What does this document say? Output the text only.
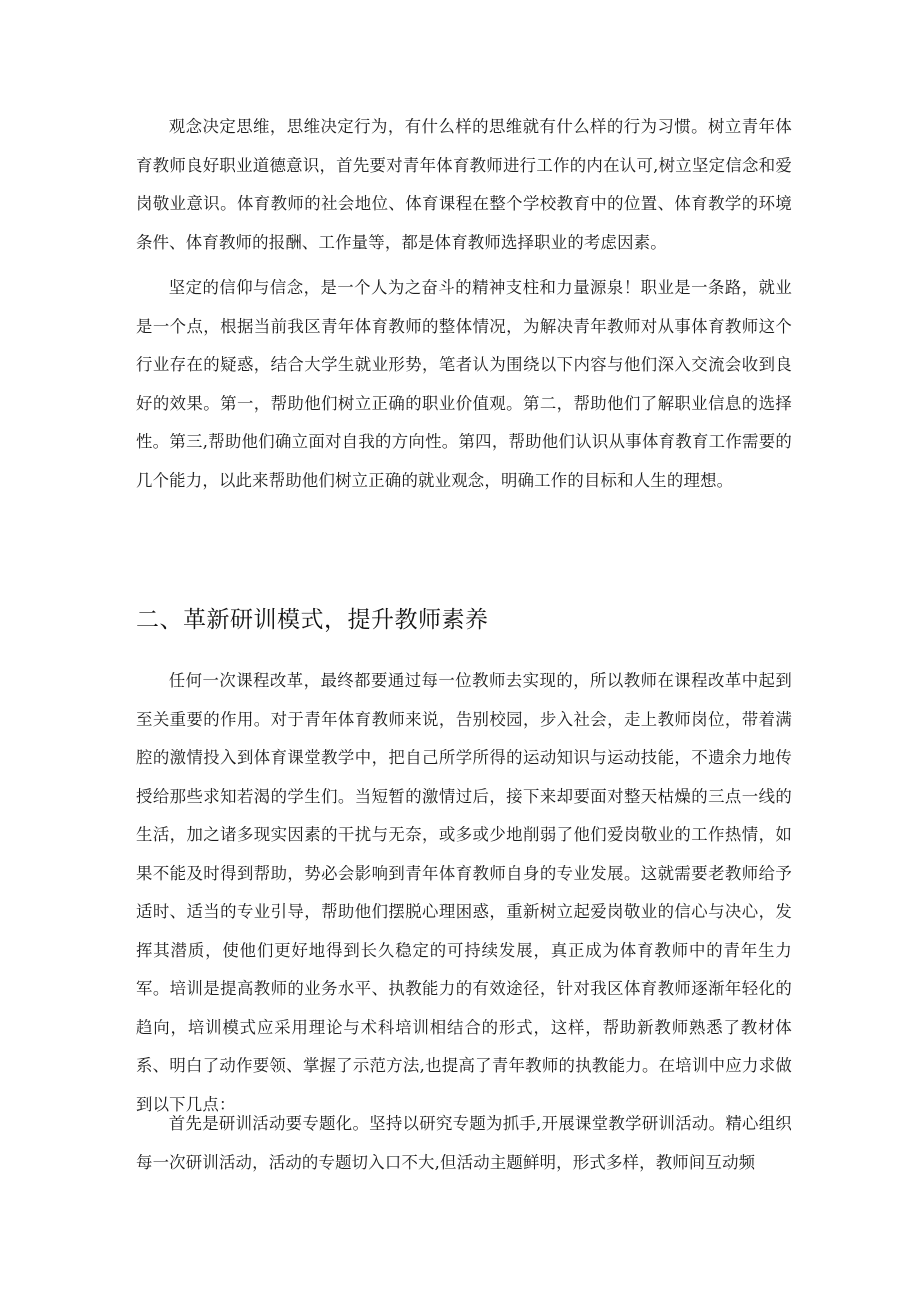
观念决定思维，思维决定行为，有什么样的思维就有什么样的行为习惯。树立青年体育教师良好职业道德意识，首先要对青年体育教师进行工作的内在认可,树立坚定信念和爱岗敬业意识。体育教师的社会地位、体育课程在整个学校教育中的位置、体育教学的环境条件、体育教师的报酬、工作量等，都是体育教师选择职业的考虑因素。

坚定的信仰与信念，是一个人为之奋斗的精神支柱和力量源泉！职业是一条路，就业是一个点，根据当前我区青年体育教师的整体情况，为解决青年教师对从事体育教师这个行业存在的疑惑，结合大学生就业形势，笔者认为围绕以下内容与他们深入交流会收到良好的效果。第一，帮助他们树立正确的职业价值观。第二，帮助他们了解职业信息的选择性。第三,帮助他们确立面对自我的方向性。第四，帮助他们认识从事体育教育工作需要的几个能力，以此来帮助他们树立正确的就业观念，明确工作的目标和人生的理想。

二、革新研训模式，提升教师素养

任何一次课程改革，最终都要通过每一位教师去实现的，所以教师在课程改革中起到至关重要的作用。对于青年体育教师来说，告别校园，步入社会，走上教师岗位，带着满腔的激情投入到体育课堂教学中，把自己所学所得的运动知识与运动技能，不遗余力地传授给那些求知若渴的学生们。当短暂的激情过后，接下来却要面对整天枯燥的三点一线的生活，加之诸多现实因素的干扰与无奈，或多或少地削弱了他们爱岗敬业的工作热情，如果不能及时得到帮助，势必会影响到青年体育教师自身的专业发展。这就需要老教师给予适时、适当的专业引导，帮助他们摆脱心理困惑，重新树立起爱岗敬业的信心与决心，发挥其潜质，使他们更好地得到长久稳定的可持续发展，真正成为体育教师中的青年生力军。培训是提高教师的业务水平、执教能力的有效途径，针对我区体育教师逐渐年轻化的趋向，培训模式应采用理论与术科培训相结合的形式，这样，帮助新教师熟悉了教材体系、明白了动作要领、掌握了示范方法,也提高了青年教师的执教能力。在培训中应力求做到以下几点：

首先是研训活动要专题化。坚持以研究专题为抓手,开展课堂教学研训活动。精心组织每一次研训活动，活动的专题切入口不大,但活动主题鲜明，形式多样，教师间互动频
